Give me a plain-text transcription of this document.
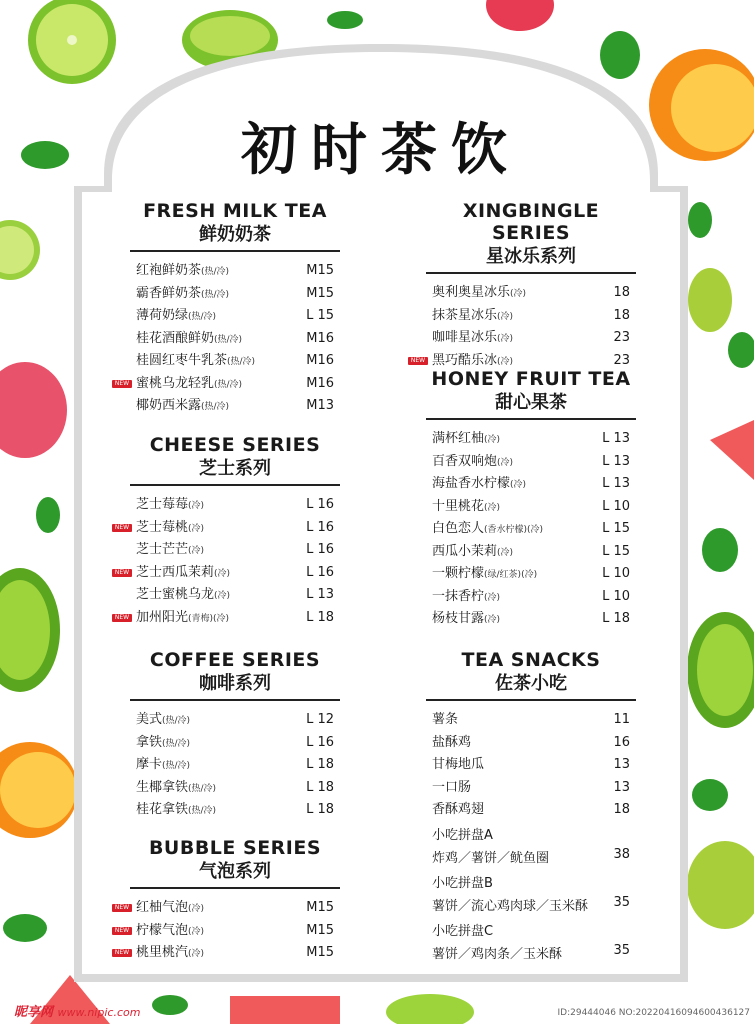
初时茶饮
FRESH MILK TEA
鲜奶奶茶
红袍鲜奶茶(热/冷)	M15
霸香鲜奶茶(热/冷)	M15
薄荷奶绿(热/冷)	L 15
桂花酒酿鲜奶(热/冷)	M16
桂圆红枣牛乳茶(热/冷)	M16
NEW 蜜桃乌龙轻乳(热/冷)	M16
椰奶西米露(热/冷)	M13
CHEESE SERIES
芝士系列
芝士莓莓(冷)	L 16
NEW 芝士莓桃(冷)	L 16
芝士芒芒(冷)	L 16
NEW 芝士西瓜茉莉(冷)	L 16
芝士蜜桃乌龙(冷)	L 13
NEW 加州阳光(青梅)(冷)	L 18
COFFEE SERIES
咖啡系列
美式(热/冷)	L 12
拿铁(热/冷)	L 16
摩卡(热/冷)	L 18
生椰拿铁(热/冷)	L 18
桂花拿铁(热/冷)	L 18
BUBBLE SERIES
气泡系列
NEW 红柚气泡(冷)	M15
NEW 柠檬气泡(冷)	M15
NEW 桃里桃汽(冷)	M15
XINGBINGLE SERIES
星冰乐系列
奥利奥星冰乐(冷)	18
抹茶星冰乐(冷)	18
咖啡星冰乐(冷)	23
NEW 黑巧酷乐冰(冷)	23
HONEY FRUIT TEA
甜心果茶
满杯红柚(冷)	L 13
百香双响炮(冷)	L 13
海盐香水柠檬(冷)	L 13
十里桃花(冷)	L 10
白色恋人(香水柠檬)(冷)	L 15
西瓜小茉莉(冷)	L 15
一颗柠檬(绿/红茶)(冷)	L 10
一抹香柠(冷)	L 10
杨枝甘露(冷)	L 18
TEA SNACKS
佐茶小吃
薯条	11
盐酥鸡	16
甘梅地瓜	13
一口肠	13
香酥鸡翅	18
小吃拼盘A
炸鸡／薯饼／鱿鱼圈	38
小吃拼盘B
薯饼／流心鸡肉球／玉米酥 35
小吃拼盘C
薯饼／鸡肉条／玉米酥	35
昵享网 www.nipic.com	ID:29444046 NO:20220416094600436127
